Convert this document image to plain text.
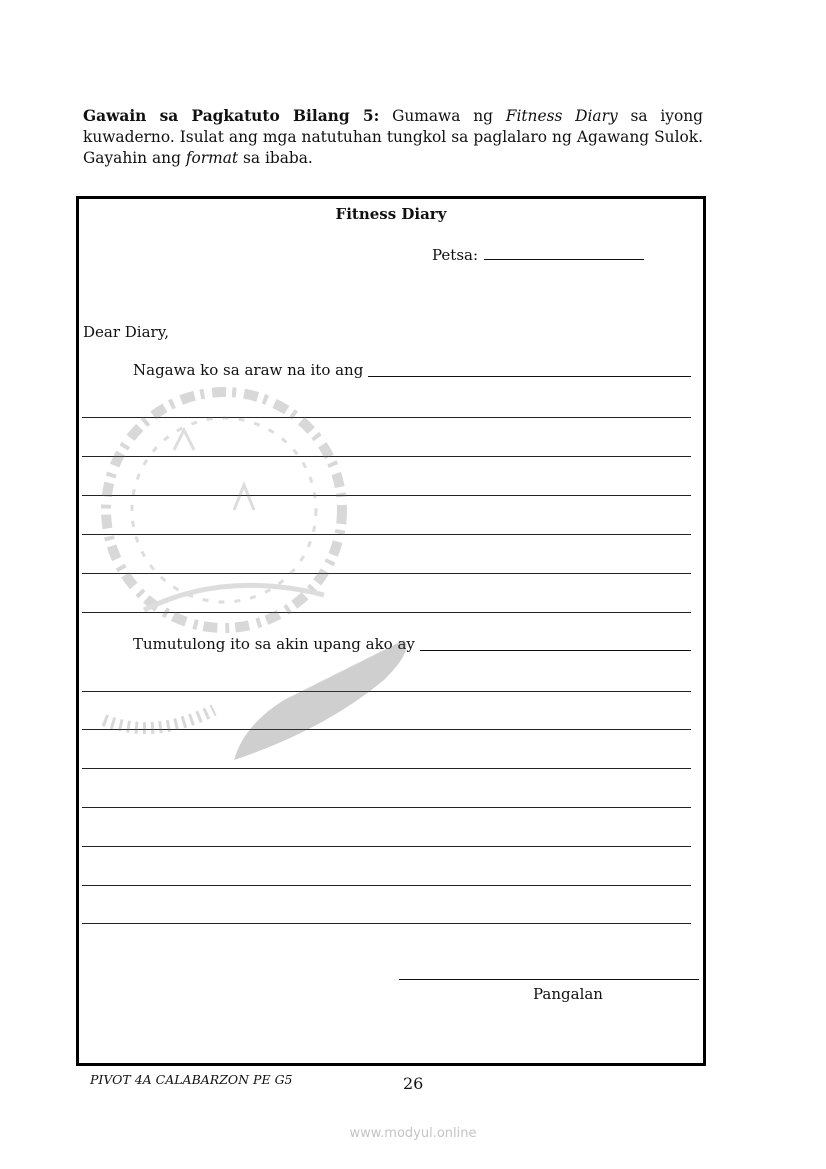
Gawain sa Pagkatuto Bilang 5: Gumawa ng Fitness Diary sa iyong kuwaderno. Isulat ang mga natutuhan tungkol sa paglalaro ng Agawang Sulok. Gayahin ang format sa ibaba.
Fitness Diary
Petsa:
Dear Diary,
Nagawa ko sa araw na ito ang
Tumutulong ito sa akin upang ako ay
Pangalan
PIVOT 4A CALABARZON PE G5	26
www.modyul.online
